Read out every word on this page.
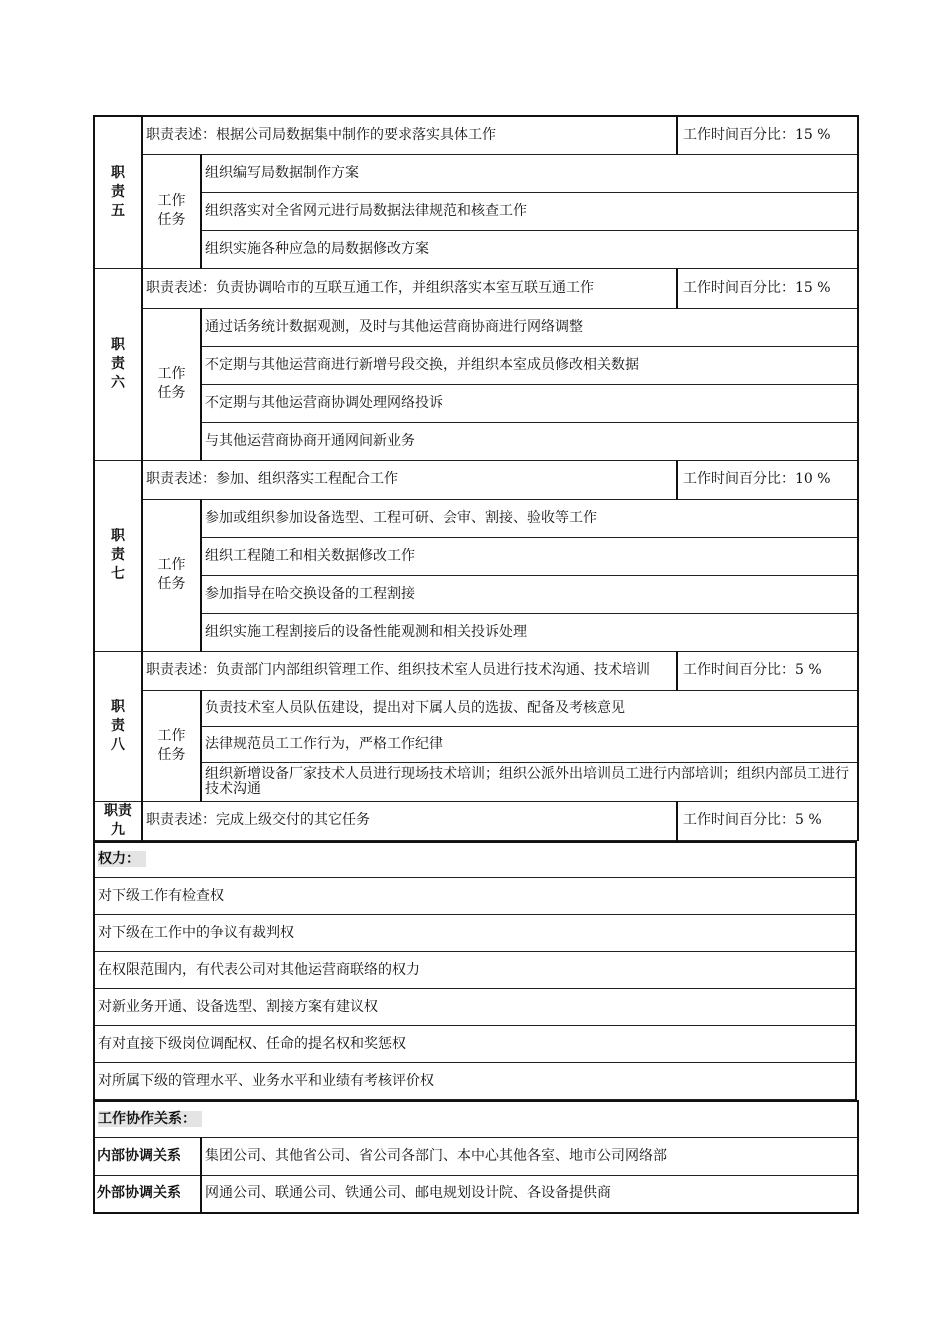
职责五	职责表述：根据公司局数据集中制作的要求落实具体工作		工作时间百分比：15 %

	工作任务	组织编写局数据制作方案	
		组织落实对全省网元进行局数据法律规范和核查工作	
		组织实施各种应急的局数据修改方案	

职责六	职责表述：负责协调哈市的互联互通工作，并组织落实本室互联互通工作		工作时间百分比：15 %

	工作任务	通过话务统计数据观测，及时与其他运营商协商进行网络调整	
		不定期与其他运营商进行新增号段交换，并组织本室成员修改相关数据	
		不定期与其他运营商协调处理网络投诉	
		与其他运营商协商开通网间新业务	

职责七	职责表述：参加、组织落实工程配合工作		工作时间百分比：10 %

	工作任务	参加或组织参加设备选型、工程可研、会审、割接、验收等工作	
		组织工程随工和相关数据修改工作	
		参加指导在哈交换设备的工程割接	
		组织实施工程割接后的设备性能观测和相关投诉处理	

职责八	职责表述：负责部门内部组织管理工作、组织技术室人员进行技术沟通、技术培训		工作时间百分比：5 %

	工作任务	负责技术室人员队伍建设，提出对下属人员的选拔、配备及考核意见	
		法律规范员工工作行为，严格工作纪律	
		组织新增设备厂家技术人员进行现场技术培训；组织公派外出培训员工进行内部培训；组织内部员工进行技术沟通	

职责九	职责表述：完成上级交付的其它任务		工作时间百分比：5 %
权力：
对下级工作有检查权
对下级在工作中的争议有裁判权
在权限范围内，有代表公司对其他运营商联络的权力
对新业务开通、设备选型、割接方案有建议权
有对直接下级岗位调配权、任命的提名权和奖惩权
对所属下级的管理水平、业务水平和业绩有考核评价权
工作协作关系：	
内部协调关系	集团公司、其他省公司、省公司各部门、本中心其他各室、地市公司网络部
外部协调关系	网通公司、联通公司、铁通公司、邮电规划设计院、各设备提供商
